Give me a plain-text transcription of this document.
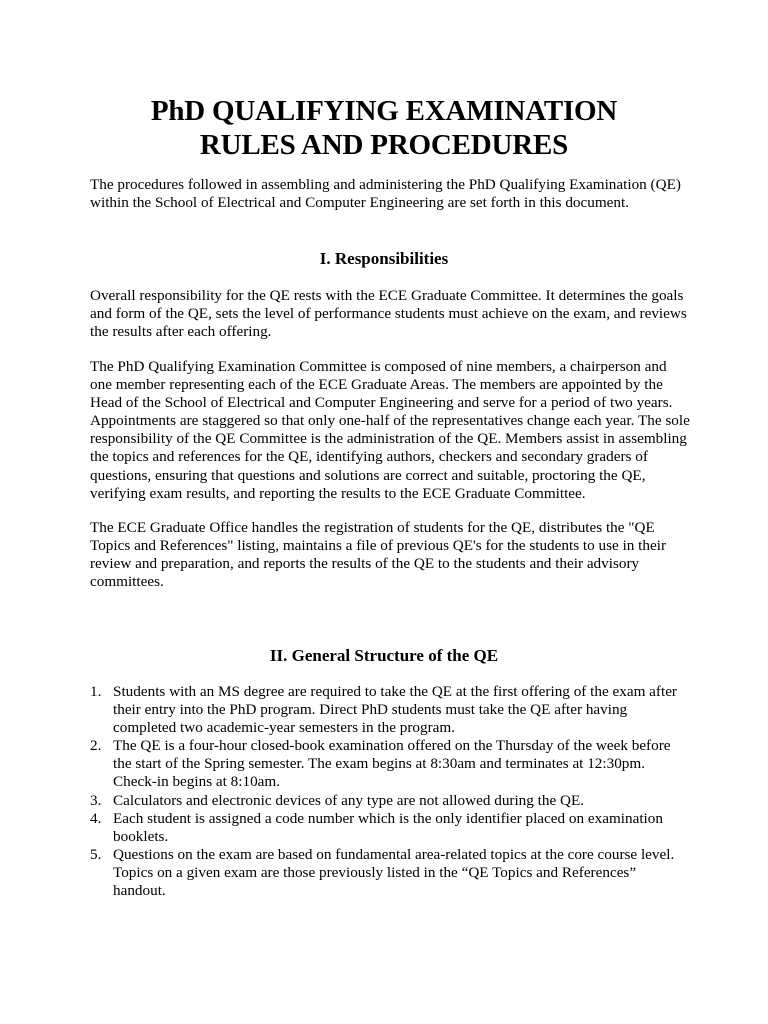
PhD QUALIFYING EXAMINATION
RULES AND PROCEDURES

The procedures followed in assembling and administering the PhD Qualifying Examination (QE) within the School of Electrical and Computer Engineering are set forth in this document.

I. Responsibilities

Overall responsibility for the QE rests with the ECE Graduate Committee. It determines the goals and form of the QE, sets the level of performance students must achieve on the exam, and reviews the results after each offering.

The PhD Qualifying Examination Committee is composed of nine members, a chairperson and one member representing each of the ECE Graduate Areas. The members are appointed by the Head of the School of Electrical and Computer Engineering and serve for a period of two years. Appointments are staggered so that only one-half of the representatives change each year. The sole responsibility of the QE Committee is the administration of the QE. Members assist in assembling the topics and references for the QE, identifying authors, checkers and secondary graders of questions, ensuring that questions and solutions are correct and suitable, proctoring the QE, verifying exam results, and reporting the results to the ECE Graduate Committee.

The ECE Graduate Office handles the registration of students for the QE, distributes the "QE Topics and References" listing, maintains a file of previous QE's for the students to use in their review and preparation, and reports the results of the QE to the students and their advisory committees.

II. General Structure of the QE
1. Students with an MS degree are required to take the QE at the first offering of the exam after their entry into the PhD program. Direct PhD students must take the QE after having completed two academic-year semesters in the program.
2. The QE is a four-hour closed-book examination offered on the Thursday of the week before the start of the Spring semester. The exam begins at 8:30am and terminates at 12:30pm. Check-in begins at 8:10am.
3. Calculators and electronic devices of any type are not allowed during the QE.
4. Each student is assigned a code number which is the only identifier placed on examination booklets.
5. Questions on the exam are based on fundamental area-related topics at the core course level. Topics on a given exam are those previously listed in the “QE Topics and References” handout.
